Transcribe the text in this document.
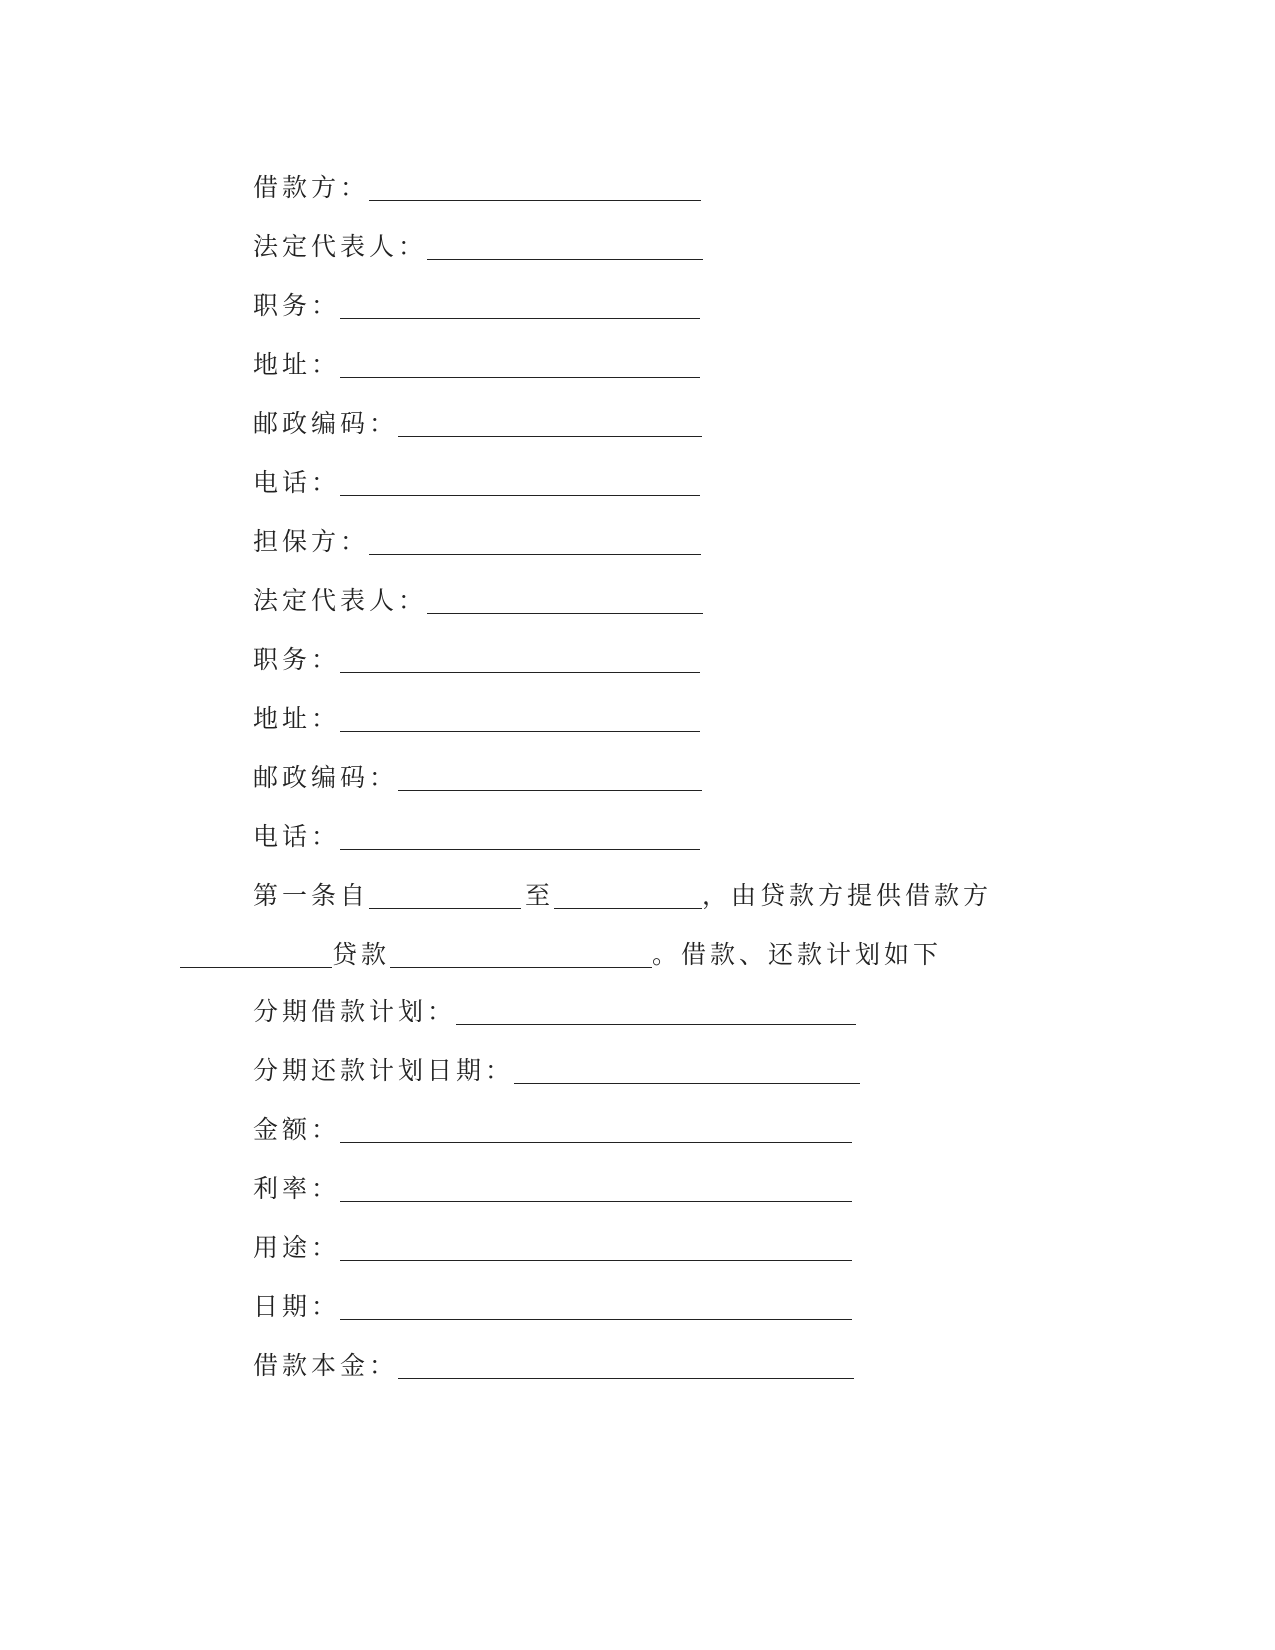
借款方：
法定代表人：
职务：
地址：
邮政编码：
电话：
担保方：
法定代表人：
职务：
地址：
邮政编码：
电话：
第一条自	至	，由贷款方提供借款方
贷款	。借款、还款计划如下
分期借款计划：
分期还款计划日期：
金额：
利率：
用途：
日期：
借款本金：
